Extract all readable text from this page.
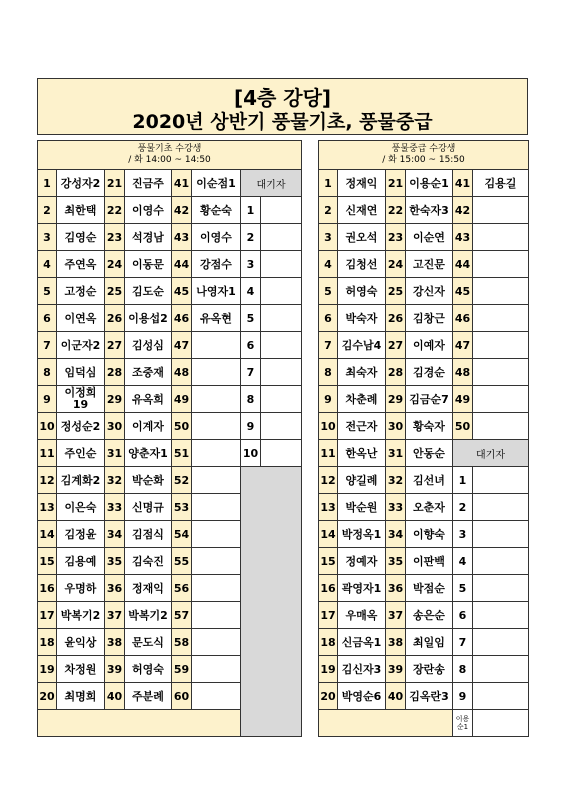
[4층 강당]
2020년 상반기 풍물기초, 풍물중급
풍물기초 수강생
/ 화 14:00 ~ 14:50							

1	강성자2	21	진금주	41	이순점1	대기자	
2	최한택	22	이영수	42	황순숙	1	
3	김영순	23	석경남	43	이영수	2	
4	주연옥	24	이동문	44	강점수	3	
5	고정순	25	김도순	45	나영자1	4	
6	이연옥	26	이용섭2	46	유옥현	5	
7	이군자2	27	김성심	47		6	
8	임덕심	28	조중재	48		7	
9	이정희19	29	유옥희	49		8	
10	정성순2	30	이계자	50		9	
11	주인순	31	양춘자1	51		10	
12	김계화2	32	박순화	52			
13	이은숙	33	신명규	53			
14	김정윤	34	김점식	54			
15	김용예	35	김숙진	55			
16	우명하	36	정재익	56			
17	박복기2	37	박복기2	57			
18	윤익상	38	문도식	58			
19	차정원	39	허영숙	59			
20	최명희	40	주분례	60			

풍물중급 수강생
/ 화 15:00 ~ 15:50					

1	정재익	21	이용순1	41	김용길
2	신재연	22	한숙자3	42	
3	권오석	23	이순연	43	
4	김청선	24	고진문	44	
5	허영숙	25	강신자	45	
6	박숙자	26	김창근	46	
7	김수남4	27	이예자	47	
8	최숙자	28	김경순	48	
9	차춘례	29	김금순7	49	
10	전근자	30	황숙자	50	
11	한옥난	31	안동순	대기자	
12	양길례	32	김선녀	1	
13	박순원	33	오춘자	2	
14	박정옥1	34	이향숙	3	
15	정예자	35	이판백	4	
16	곽영자1	36	박점순	5	
17	우매옥	37	송은순	6	
18	신금옥1	38	최일임	7	
19	김신자3	39	장란송	8	
20	박영순6	40	김옥란3	9	
				이용순1	
